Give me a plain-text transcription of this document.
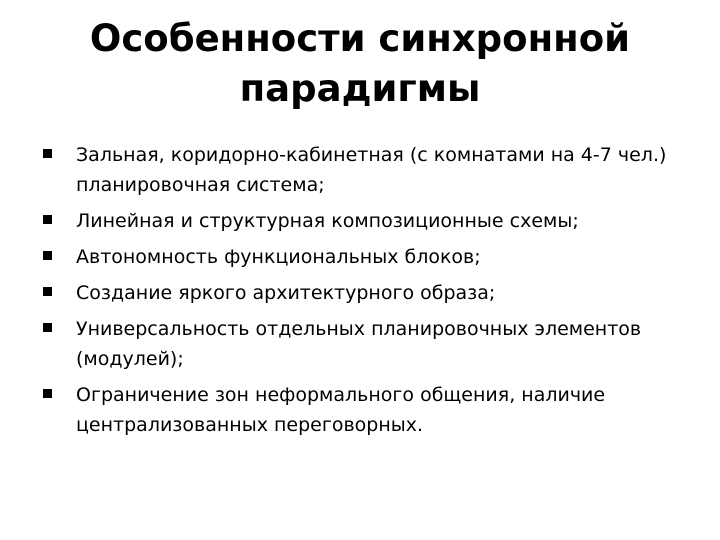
Особенности синхронной
парадигмы
Зальная, коридорно-кабинетная (с комнатами на 4-7 чел.) планировочная система;
Линейная и структурная композиционные схемы;
Автономность функциональных блоков;
Создание яркого архитектурного образа;
Универсальность отдельных планировочных элементов (модулей);
Ограничение зон неформального общения, наличие централизованных переговорных.
